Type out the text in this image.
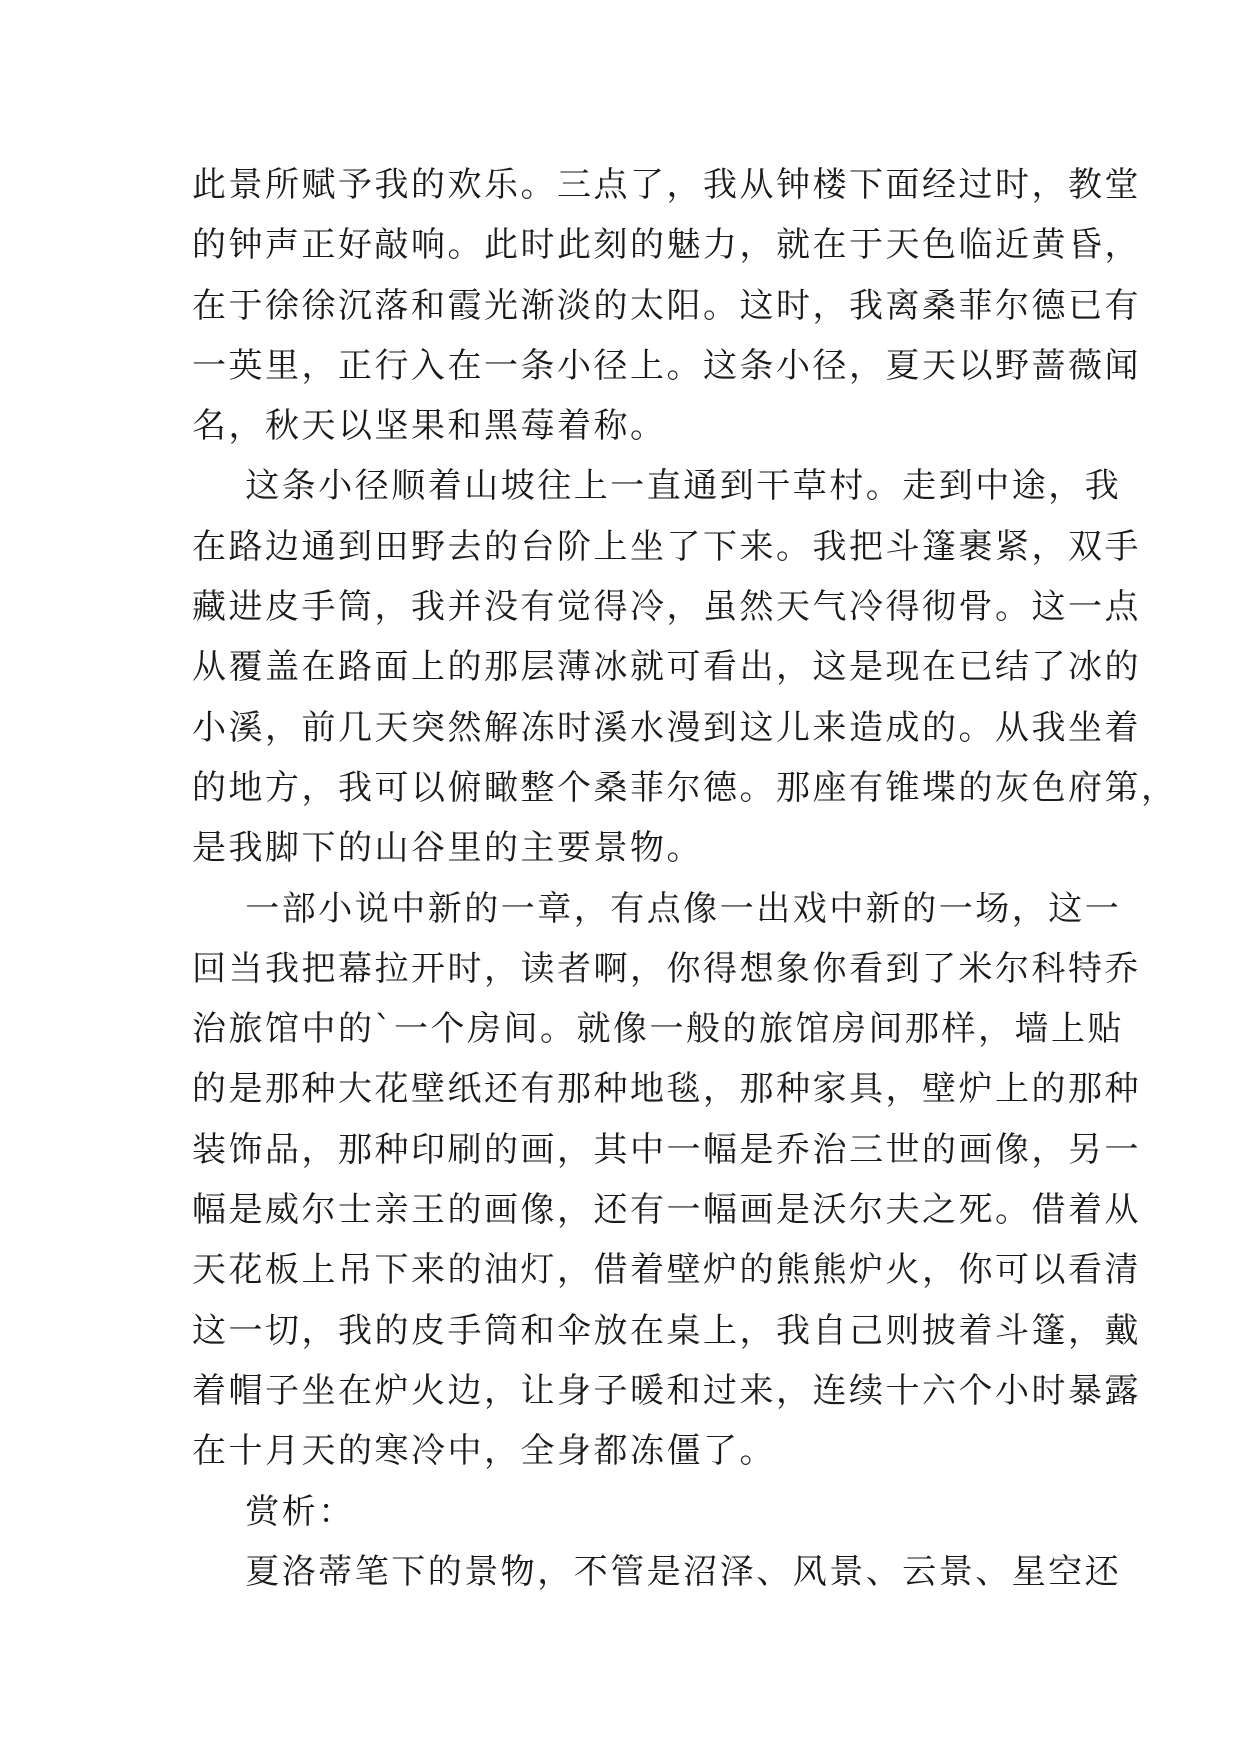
此景所赋予我的欢乐。三点了，我从钟楼下面经过时，教堂
的钟声正好敲响。此时此刻的魅力，就在于天色临近黄昏，
在于徐徐沉落和霞光渐淡的太阳。这时，我离桑菲尔德已有
一英里，正行入在一条小径上。这条小径，夏天以野蔷薇闻
名，秋天以坚果和黑莓着称。
这条小径顺着山坡往上一直通到干草村。走到中途，我
在路边通到田野去的台阶上坐了下来。我把斗篷裹紧，双手
藏进皮手筒，我并没有觉得冷，虽然天气冷得彻骨。这一点
从覆盖在路面上的那层薄冰就可看出，这是现在已结了冰的
小溪，前几天突然解冻时溪水漫到这儿来造成的。从我坐着
的地方，我可以俯瞰整个桑菲尔德。那座有锥堞的灰色府第，
是我脚下的山谷里的主要景物。
一部小说中新的一章，有点像一出戏中新的一场，这一
回当我把幕拉开时，读者啊，你得想象你看到了米尔科特乔
治旅馆中的`一个房间。就像一般的旅馆房间那样，墙上贴
的是那种大花壁纸还有那种地毯，那种家具，壁炉上的那种
装饰品，那种印刷的画，其中一幅是乔治三世的画像，另一
幅是威尔士亲王的画像，还有一幅画是沃尔夫之死。借着从
天花板上吊下来的油灯，借着壁炉的熊熊炉火，你可以看清
这一切，我的皮手筒和伞放在桌上，我自己则披着斗篷，戴
着帽子坐在炉火边，让身子暖和过来，连续十六个小时暴露
在十月天的寒冷中，全身都冻僵了。
赏析：
夏洛蒂笔下的景物，不管是沼泽、风景、云景、星空还
